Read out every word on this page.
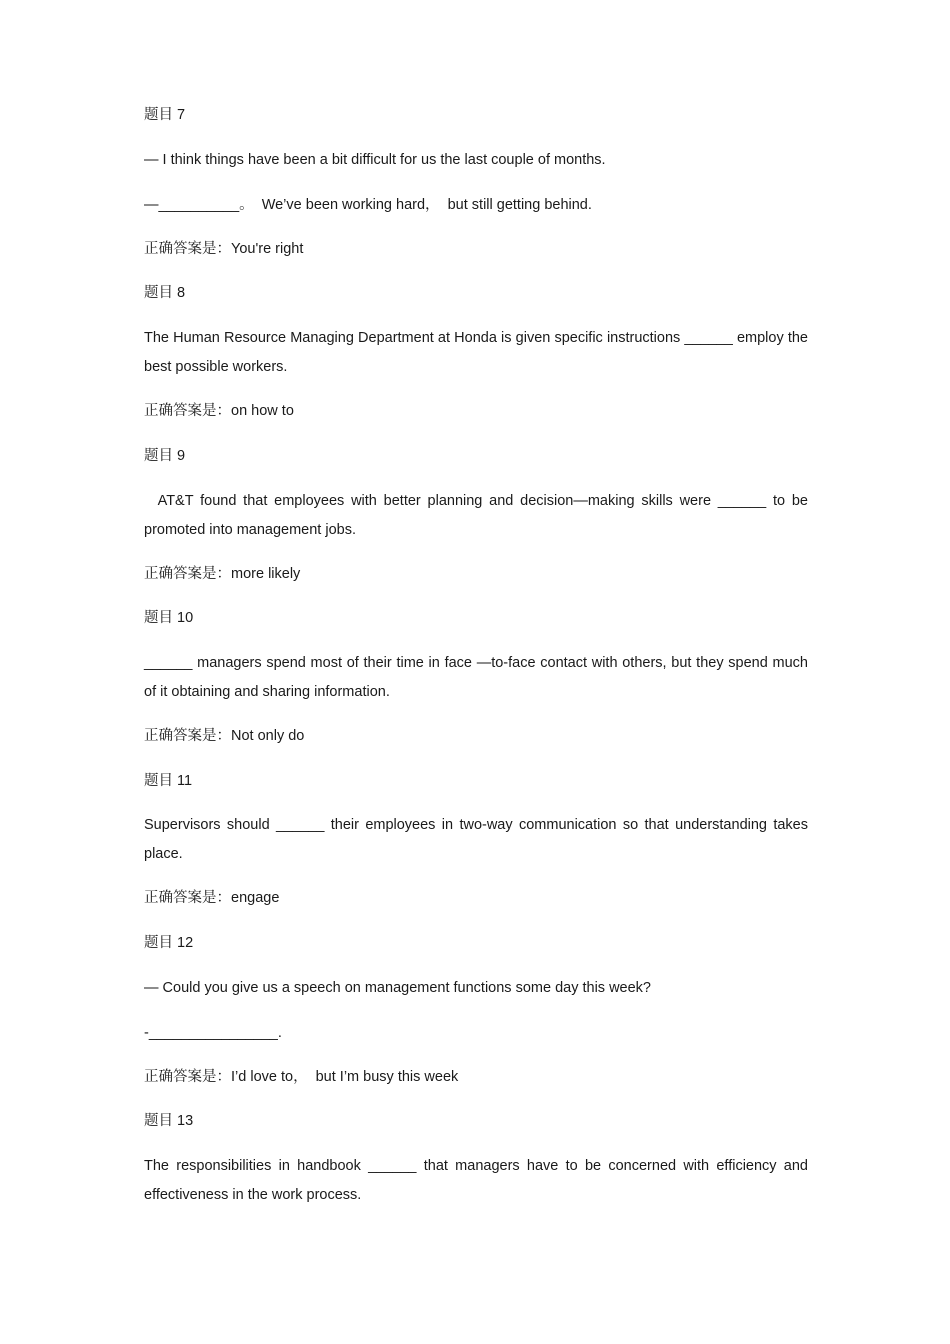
题目 7
— I think things have been a bit difficult for us the last couple of months.
—__________。  We’ve been working hard，  but still getting behind.
正确答案是：You're right
题目 8
The Human Resource Managing Department at Honda is given specific instructions ______ employ the best possible workers.
正确答案是：on how to
题目 9
AT&T found that employees with better planning and decision—making skills were ______ to be promoted into management jobs.
正确答案是：more likely
题目 10
______ managers spend most of their time in face —to-face contact with others, but they spend much of it obtaining and sharing information.
正确答案是：Not only do
题目 11
Supervisors should ______ their employees in two-way communication so that understanding takes place.
正确答案是：engage
题目 12
— Could you give us a speech on management functions some day this week?
-________________.
正确答案是：I’d love to，  but I’m busy this week
题目 13
The responsibilities in handbook ______ that managers have to be concerned with efficiency and effectiveness in the work process.
